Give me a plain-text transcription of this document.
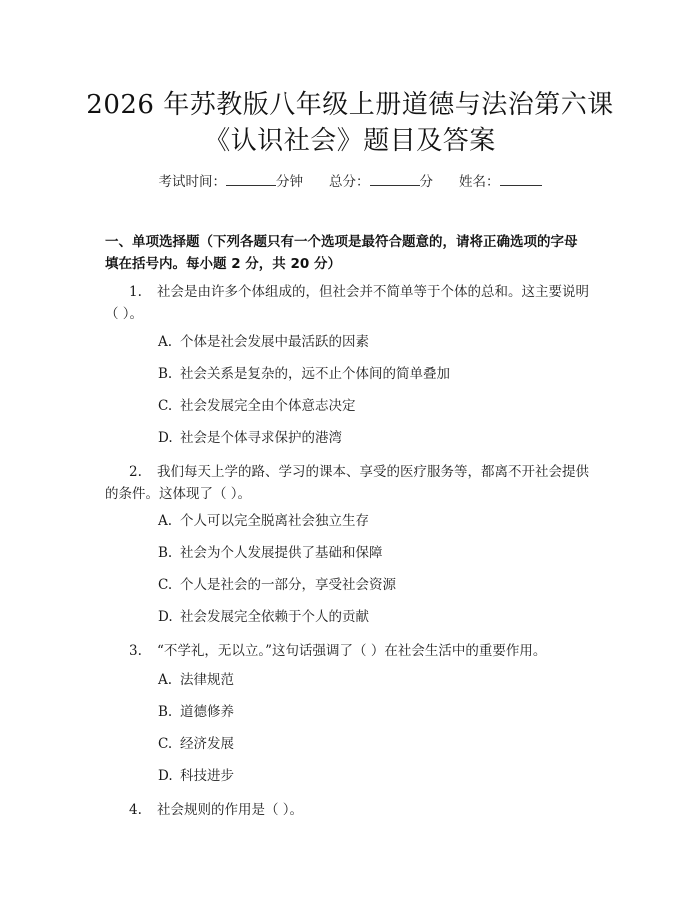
2026 年苏教版八年级上册道德与法治第六课
《认识社会》题目及答案
考试时间：	分钟 总分：	分 姓名：
一、单项选择题（下列各题只有一个选项是最符合题意的，请将正确选项的字母
填在括号内。每小题 2 分，共 20 分）
1. 社会是由许多个体组成的，但社会并不简单等于个体的总和。这主要说明
（ ）。
A. 个体是社会发展中最活跃的因素
B. 社会关系是复杂的，远不止个体间的简单叠加
C. 社会发展完全由个体意志决定
D. 社会是个体寻求保护的港湾
2. 我们每天上学的路、学习的课本、享受的医疗服务等，都离不开社会提供
的条件。这体现了（ ）。
A. 个人可以完全脱离社会独立生存
B. 社会为个人发展提供了基础和保障
C. 个人是社会的一部分，享受社会资源
D. 社会发展完全依赖于个人的贡献
3. “不学礼，无以立。”这句话强调了（ ）在社会生活中的重要作用。
A. 法律规范
B. 道德修养
C. 经济发展
D. 科技进步
4. 社会规则的作用是（ ）。
